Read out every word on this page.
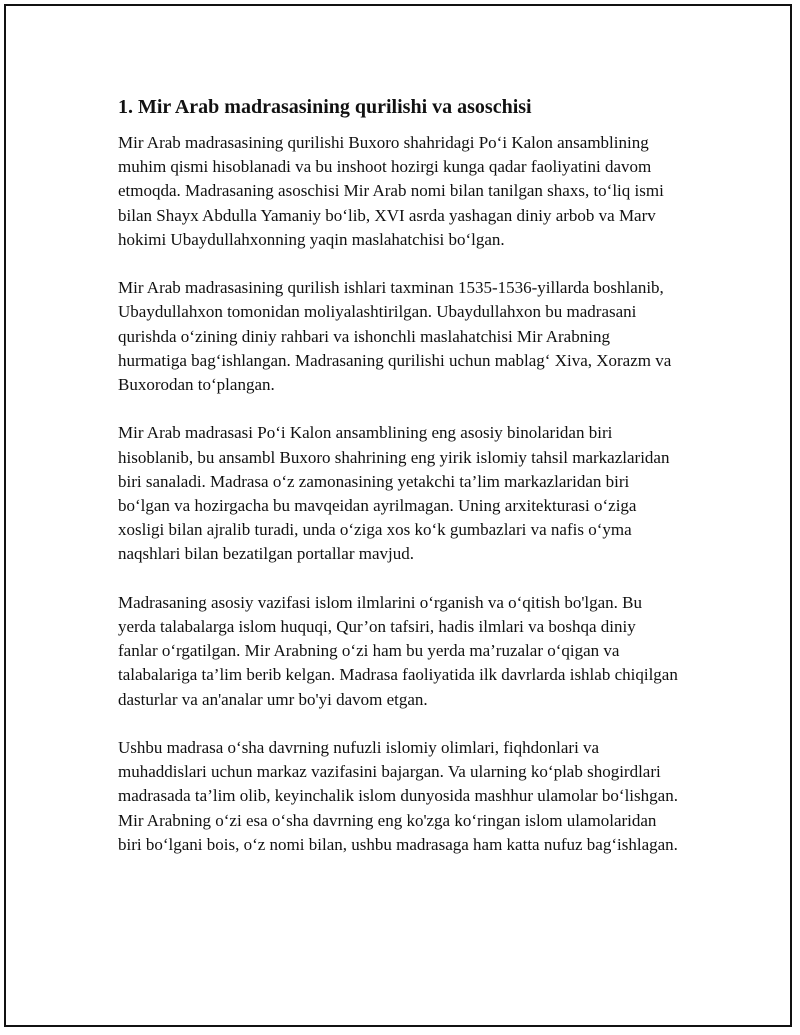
1. Mir Arab madrasasining qurilishi va asoschisi

Mir Arab madrasasining qurilishi Buxoro shahridagi Po‘i Kalon ansamblining muhim qismi hisoblanadi va bu inshoot hozirgi kunga qadar faoliyatini davom etmoqda. Madrasaning asoschisi Mir Arab nomi bilan tanilgan shaxs, to‘liq ismi bilan Shayx Abdulla Yamaniy bo‘lib, XVI asrda yashagan diniy arbob va Marv hokimi Ubaydullahxonning yaqin maslahatchisi bo‘lgan.

Mir Arab madrasasining qurilish ishlari taxminan 1535-1536-yillarda boshlanib, Ubaydullahxon tomonidan moliyalashtirilgan. Ubaydullahxon bu madrasani qurishda o‘zining diniy rahbari va ishonchli maslahatchisi Mir Arabning hurmatiga bag‘ishlangan. Madrasaning qurilishi uchun mablag‘ Xiva, Xorazm va Buxorodan to‘plangan.

Mir Arab madrasasi Po‘i Kalon ansamblining eng asosiy binolaridan biri hisoblanib, bu ansambl Buxoro shahrining eng yirik islomiy tahsil markazlaridan biri sanaladi. Madrasa o‘z zamonasining yetakchi ta’lim markazlaridan biri bo‘lgan va hozirgacha bu mavqeidan ayrilmagan. Uning arxitekturasi o‘ziga xosligi bilan ajralib turadi, unda o‘ziga xos ko‘k gumbazlari va nafis o‘yma naqshlari bilan bezatilgan portallar mavjud.

Madrasaning asosiy vazifasi islom ilmlarini o‘rganish va o‘qitish bo'lgan. Bu yerda talabalarga islom huquqi, Qur’on tafsiri, hadis ilmlari va boshqa diniy fanlar o‘rgatilgan. Mir Arabning o‘zi ham bu yerda ma’ruzalar o‘qigan va talabalariga ta’lim berib kelgan. Madrasa faoliyatida ilk davrlarda ishlab chiqilgan dasturlar va an'analar umr bo'yi davom etgan.

Ushbu madrasa o‘sha davrning nufuzli islomiy olimlari, fiqhdonlari va muhaddislari uchun markaz vazifasini bajargan. Va ularning ko‘plab shogirdlari madrasada ta’lim olib, keyinchalik islom dunyosida mashhur ulamolar bo‘lishgan. Mir Arabning o‘zi esa o‘sha davrning eng ko'zga ko‘ringan islom ulamolaridan biri bo‘lgani bois, o‘z nomi bilan, ushbu madrasaga ham katta nufuz bag‘ishlagan.
